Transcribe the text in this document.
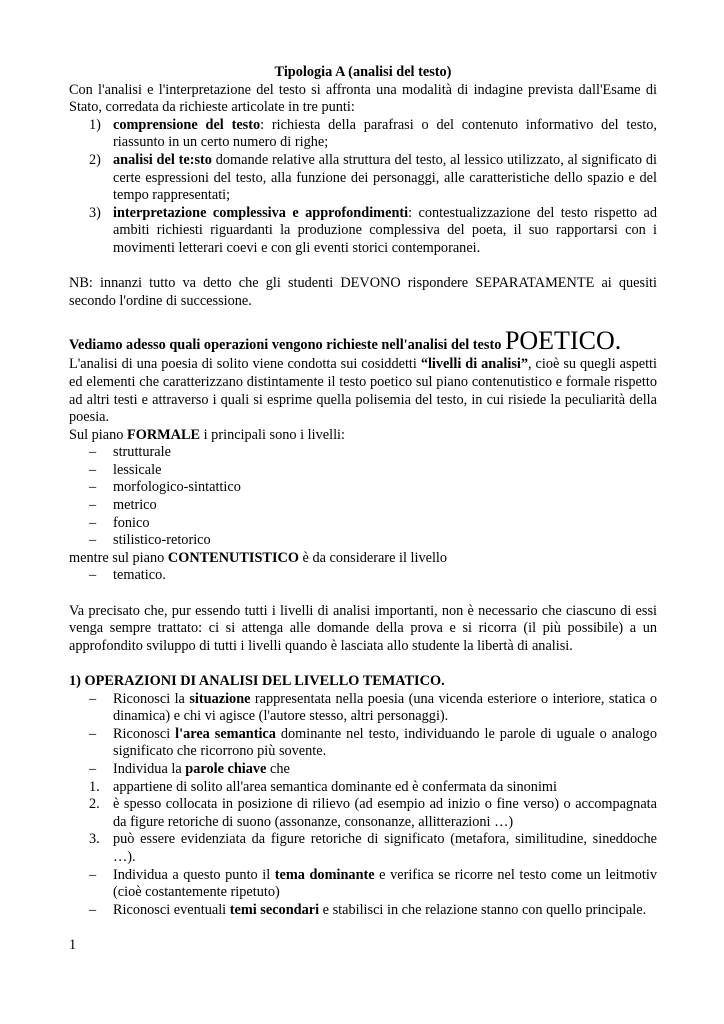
Tipologia A (analisi del testo)

Con l'analisi e l'interpretazione del testo si affronta una modalità di indagine prevista dall'Esame di Stato, corredata da richieste articolate in tre punti:

1) comprensione del testo: richiesta della parafrasi o del contenuto informativo del testo, riassunto in un certo numero di righe;
2) analisi del te:sto domande relative alla struttura del testo, al lessico utilizzato, al significato di certe espressioni del testo, alla funzione dei personaggi, alle caratteristiche dello spazio e del tempo rappresentati;
3) interpretazione complessiva e approfondimenti: contestualizzazione del testo rispetto ad ambiti richiesti riguardanti la produzione complessiva del poeta, il suo rapportarsi con i movimenti letterari coevi e con gli eventi storici contemporanei.

NB: innanzi tutto va detto che gli studenti DEVONO rispondere SEPARATAMENTE ai quesiti secondo l'ordine di successione.

Vediamo adesso quali operazioni vengono richieste nell'analisi del testo POETICO.

L'analisi di una poesia di solito viene condotta sui cosiddetti “livelli di analisi”, cioè su quegli aspetti ed elementi che caratterizzano distintamente il testo poetico sul piano contenutistico e formale rispetto ad altri testi e attraverso i quali si esprime quella polisemia del testo, in cui risiede la peculiarità della poesia.

Sul piano FORMALE i principali sono i livelli:

– strutturale
– lessicale
– morfologico-sintattico
– metrico
– fonico
– stilistico-retorico

mentre sul piano CONTENUTISTICO è da considerare il livello

– tematico.

Va precisato che, pur essendo tutti i livelli di analisi importanti, non è necessario che ciascuno di essi venga sempre trattato: ci si attenga alle domande della prova e si ricorra (il più possibile) a un approfondito sviluppo di tutti i livelli quando è lasciata allo studente la libertà di analisi.

1) OPERAZIONI DI ANALISI DEL LIVELLO TEMATICO.

– Riconosci la situazione rappresentata nella poesia (una vicenda esteriore o interiore, statica o dinamica) e chi vi agisce (l'autore stesso, altri personaggi).
– Riconosci l'area semantica dominante nel testo, individuando le parole di uguale o analogo significato che ricorrono più sovente.
– Individua la parole chiave che
1. appartiene di solito all'area semantica dominante ed è confermata da sinonimi
2. è spesso collocata in posizione di rilievo (ad esempio ad inizio o fine verso) o accompagnata da figure retoriche di suono (assonanze, consonanze, allitterazioni …)
3. può essere evidenziata da figure retoriche di significato (metafora, similitudine, sineddoche …).
– Individua a questo punto il tema dominante e verifica se ricorre nel testo come un leitmotiv (cioè costantemente ripetuto)
– Riconosci eventuali temi secondari e stabilisci in che relazione stanno con quello principale.
1
